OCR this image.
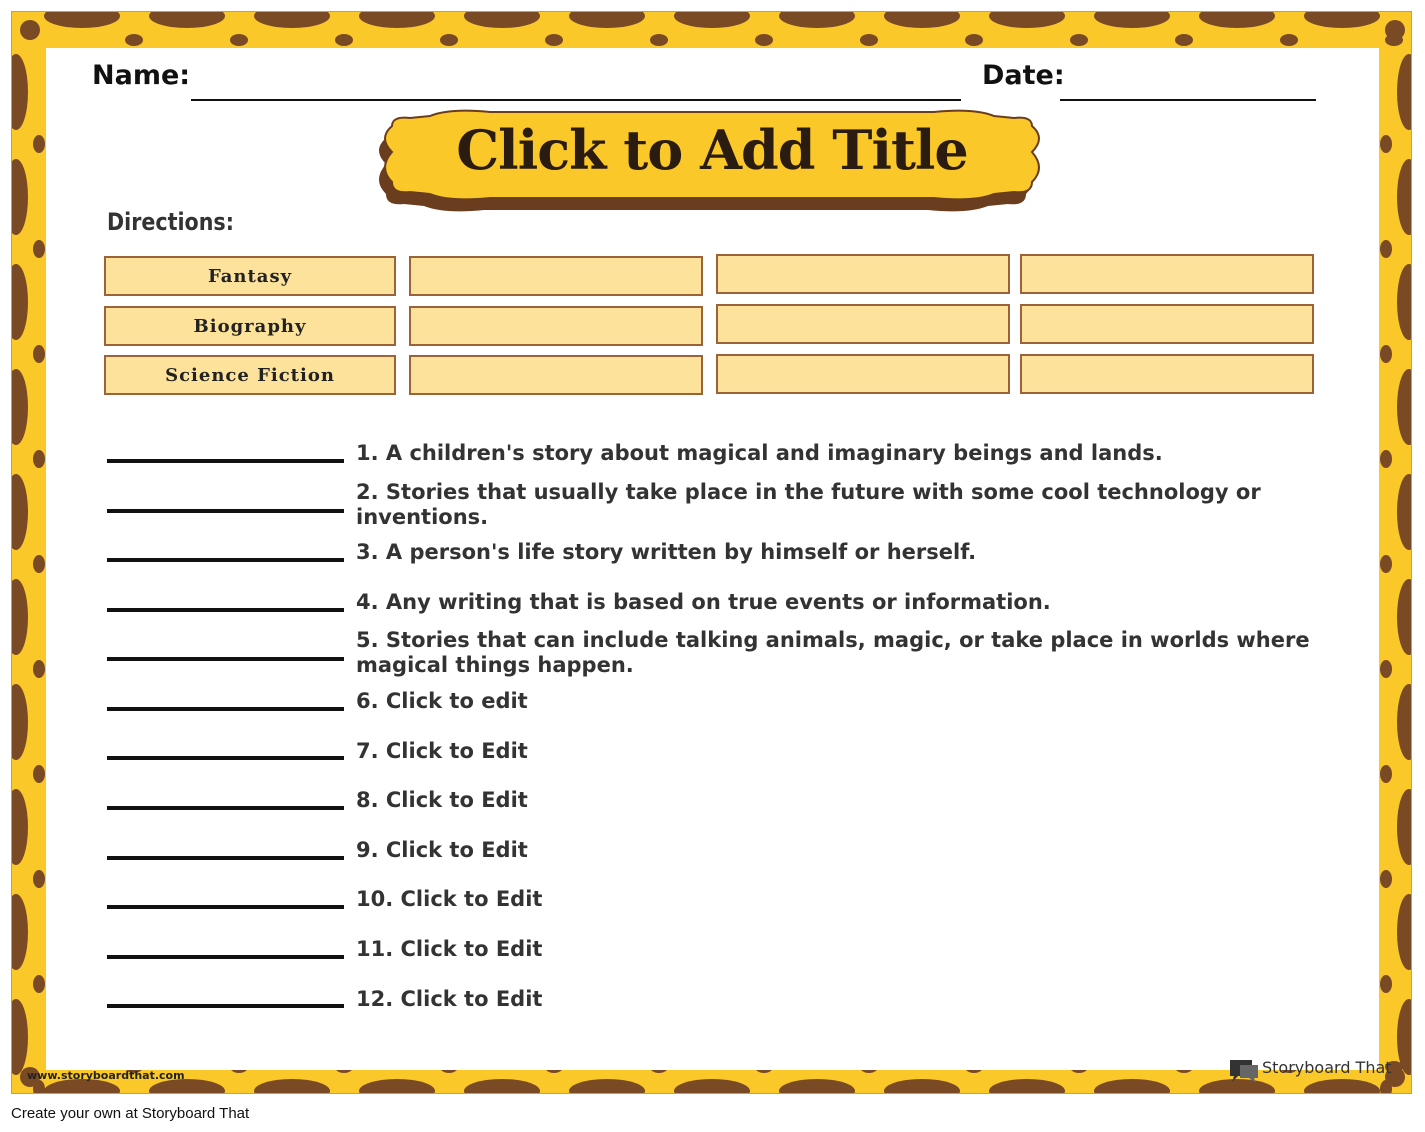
Name:	Date:
Click to Add Title
Directions:
Fantasy
Biography
Science Fiction
1. A children's story about magical and imaginary beings and lands.
2. Stories that usually take place in the future with some cool technology or inventions.
3. A person's life story written by himself or herself.
4. Any writing that is based on true events or information.
5. Stories that can include talking animals, magic, or take place in worlds where magical things happen.
6. Click to edit
7. Click to Edit
8. Click to Edit
9. Click to Edit
10. Click to Edit
11. Click to Edit
12. Click to Edit
www.storyboardthat.com	Storyboard That
Create your own at Storyboard That
